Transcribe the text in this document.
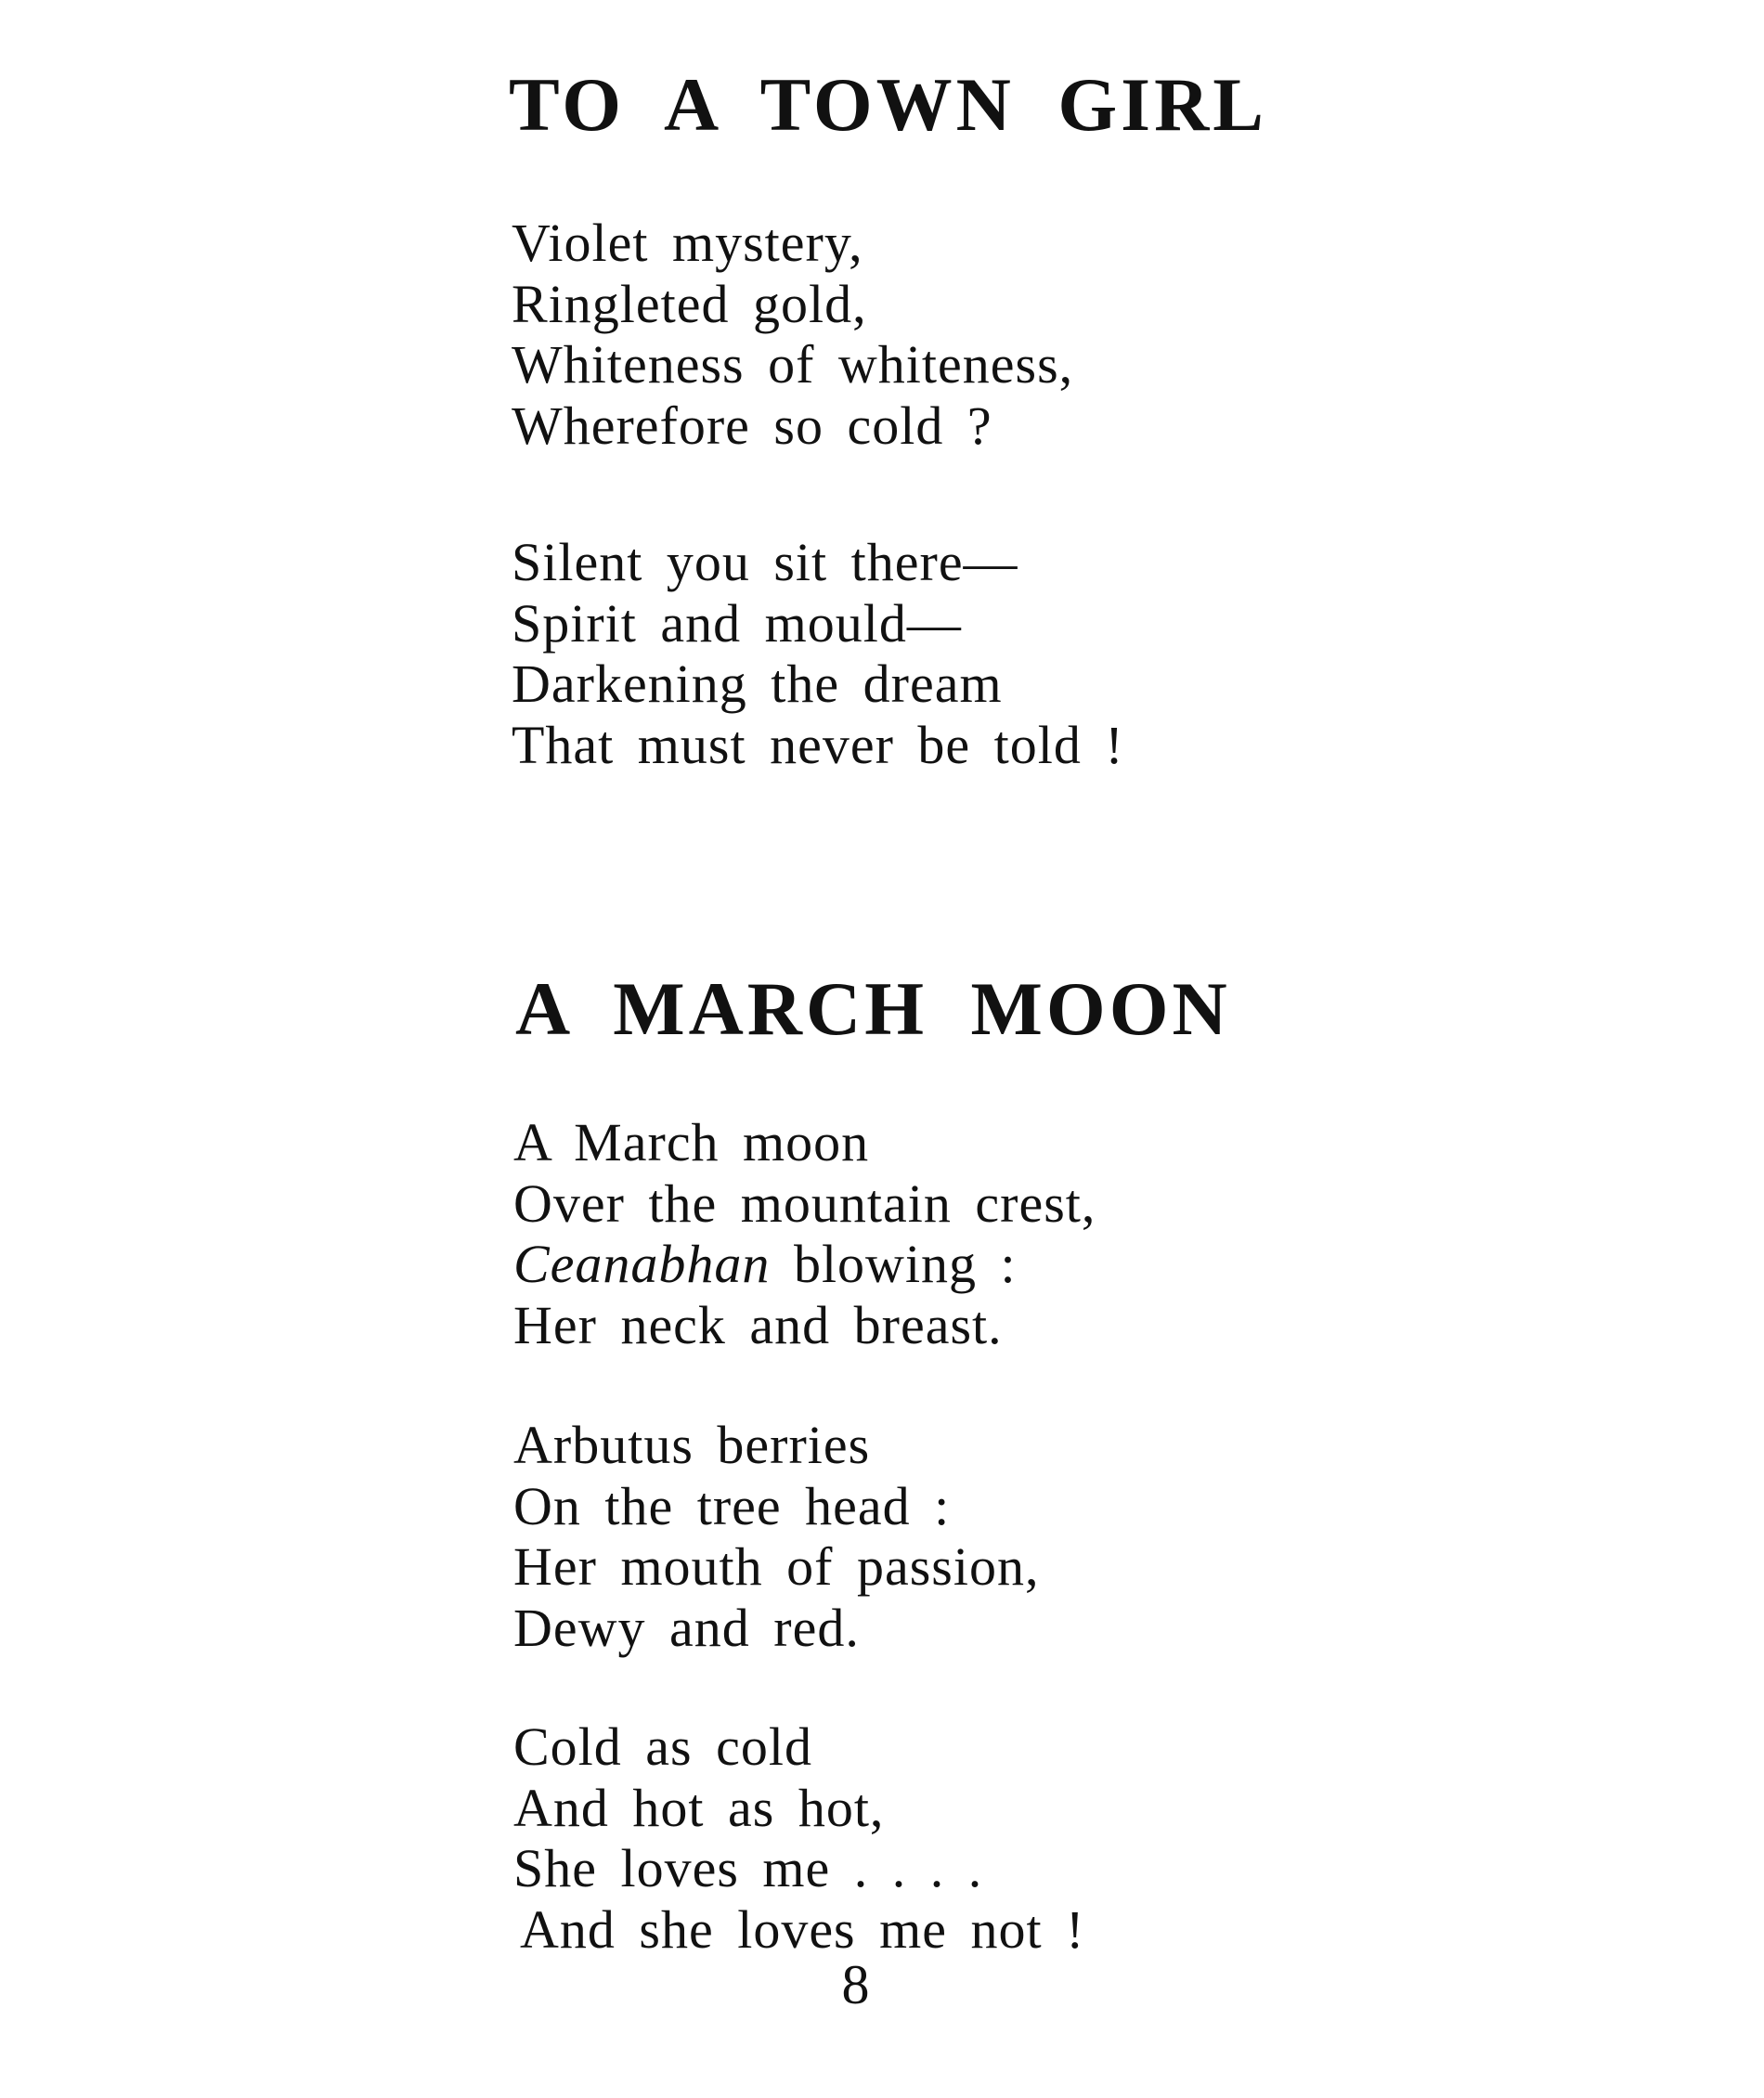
TO A TOWN GIRL
Violet mystery,
Ringleted gold,
Whiteness of whiteness,
Wherefore so cold ?
Silent you sit there—
Spirit and mould—
Darkening the dream
That must never be told !
A MARCH MOON
A March moon
Over the mountain crest,
Ceanabhan blowing :
Her neck and breast.
Arbutus berries
On the tree head :
Her mouth of passion,
Dewy and red.
Cold as cold
And hot as hot,
She loves me . . . .
And she loves me not !

8
